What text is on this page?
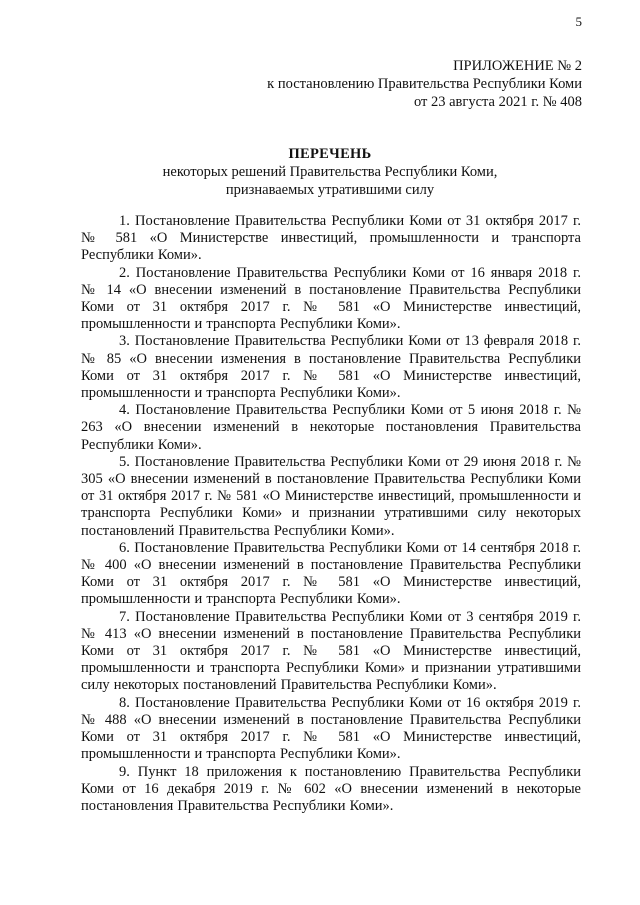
5
ПРИЛОЖЕНИЕ № 2
к постановлению Правительства Республики Коми
от 23 августа 2021 г. № 408
ПЕРЕЧЕНЬ
некоторых решений Правительства Республики Коми,
признаваемых утратившими силу

1. Постановление Правительства Республики Коми от 31 октября 2017 г. № 581 «О Министерстве инвестиций, промышленности и транспорта Республики Коми».

2. Постановление Правительства Республики Коми от 16 января 2018 г. № 14 «О внесении изменений в постановление Правительства Республики Коми от 31 октября 2017 г. № 581 «О Министерстве инвестиций, промышленности и транспорта Республики Коми».

3. Постановление Правительства Республики Коми от 13 февраля 2018 г. № 85 «О внесении изменения в постановление Правительства Республики Коми от 31 октября 2017 г. № 581 «О Министерстве инвестиций, промышленности и транспорта Республики Коми».

4. Постановление Правительства Республики Коми от 5 июня 2018 г. № 263 «О внесении изменений в некоторые постановления Правительства Республики Коми».

5. Постановление Правительства Республики Коми от 29 июня 2018 г. № 305 «О внесении изменений в постановление Правительства Республики Коми от 31 октября 2017 г. № 581 «О Министерстве инвестиций, промышленности и транспорта Республики Коми» и признании утратившими силу некоторых постановлений Правительства Республики Коми».

6. Постановление Правительства Республики Коми от 14 сентября 2018 г. № 400 «О внесении изменений в постановление Правительства Республики Коми от 31 октября 2017 г. № 581 «О Министерстве инвестиций, промышленности и транспорта Республики Коми».

7. Постановление Правительства Республики Коми от 3 сентября 2019 г. № 413 «О внесении изменений в постановление Правительства Республики Коми от 31 октября 2017 г. № 581 «О Министерстве инвестиций, промышленности и транспорта Республики Коми» и признании утратившими силу некоторых постановлений Правительства Республики Коми».

8. Постановление Правительства Республики Коми от 16 октября 2019 г. № 488 «О внесении изменений в постановление Правительства Республики Коми от 31 октября 2017 г. № 581 «О Министерстве инвестиций, промышленности и транспорта Республики Коми».

9. Пункт 18 приложения к постановлению Правительства Республики Коми от 16 декабря 2019 г. № 602 «О внесении изменений в некоторые постановления Правительства Республики Коми».
